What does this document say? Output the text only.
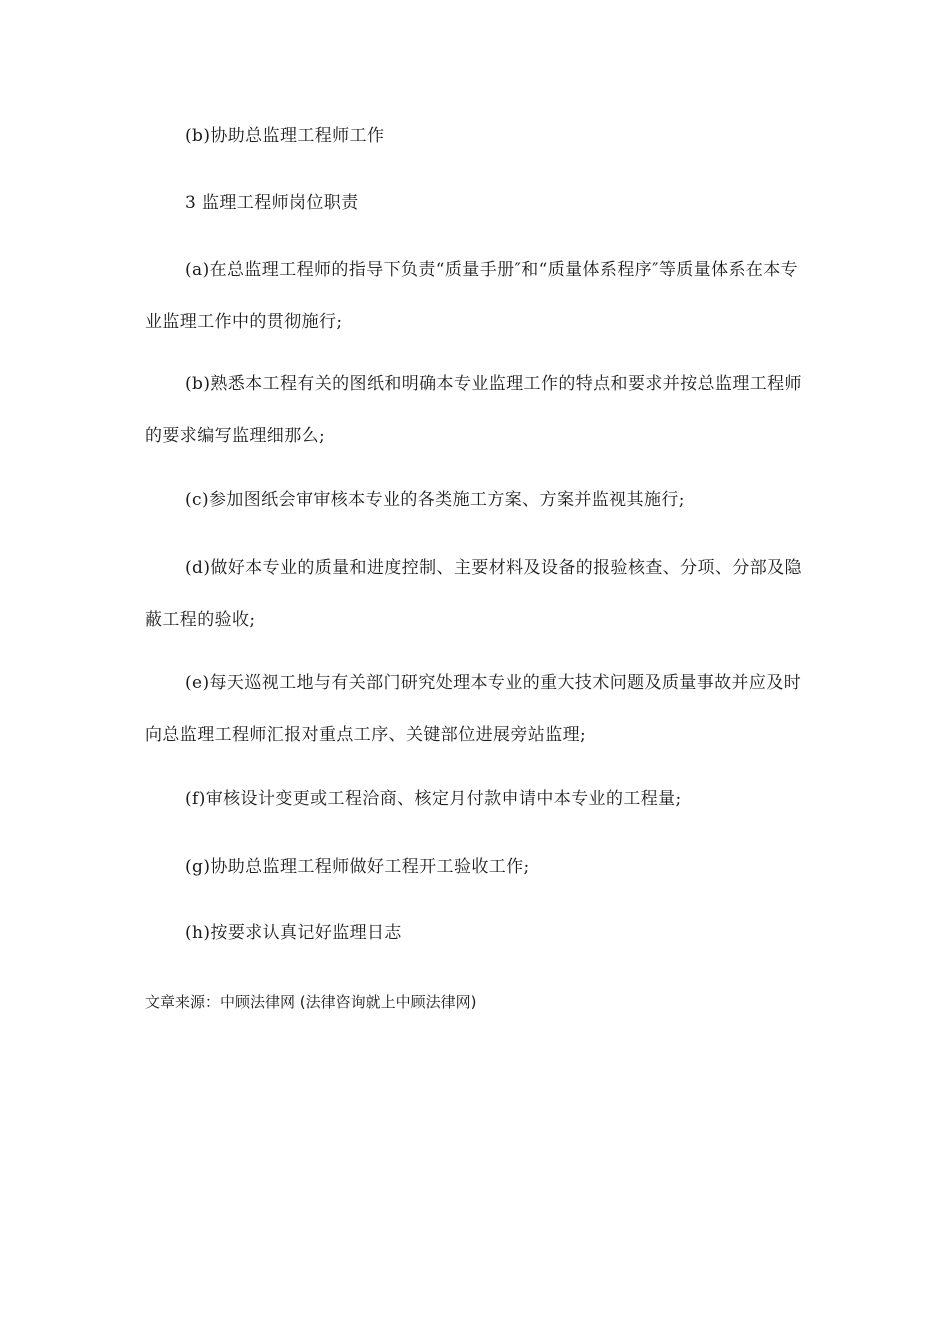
(b)协助总监理工程师工作

3 监理工程师岗位职责

(a)在总监理工程师的指导下负责“质量手册″和“质量体系程序″等质量体系在本专业监理工作中的贯彻施行;

(b)熟悉本工程有关的图纸和明确本专业监理工作的特点和要求并按总监理工程师的要求编写监理细那么;

(c)参加图纸会审审核本专业的各类施工方案、方案并监视其施行;

(d)做好本专业的质量和进度控制、主要材料及设备的报验核查、分项、分部及隐蔽工程的验收;

(e)每天巡视工地与有关部门研究处理本专业的重大技术问题及质量事故并应及时向总监理工程师汇报对重点工序、关键部位进展旁站监理;

(f)审核设计变更或工程洽商、核定月付款申请中本专业的工程量;

(g)协助总监理工程师做好工程开工验收工作;

(h)按要求认真记好监理日志

文章来源：中顾法律网 (法律咨询就上中顾法律网)
